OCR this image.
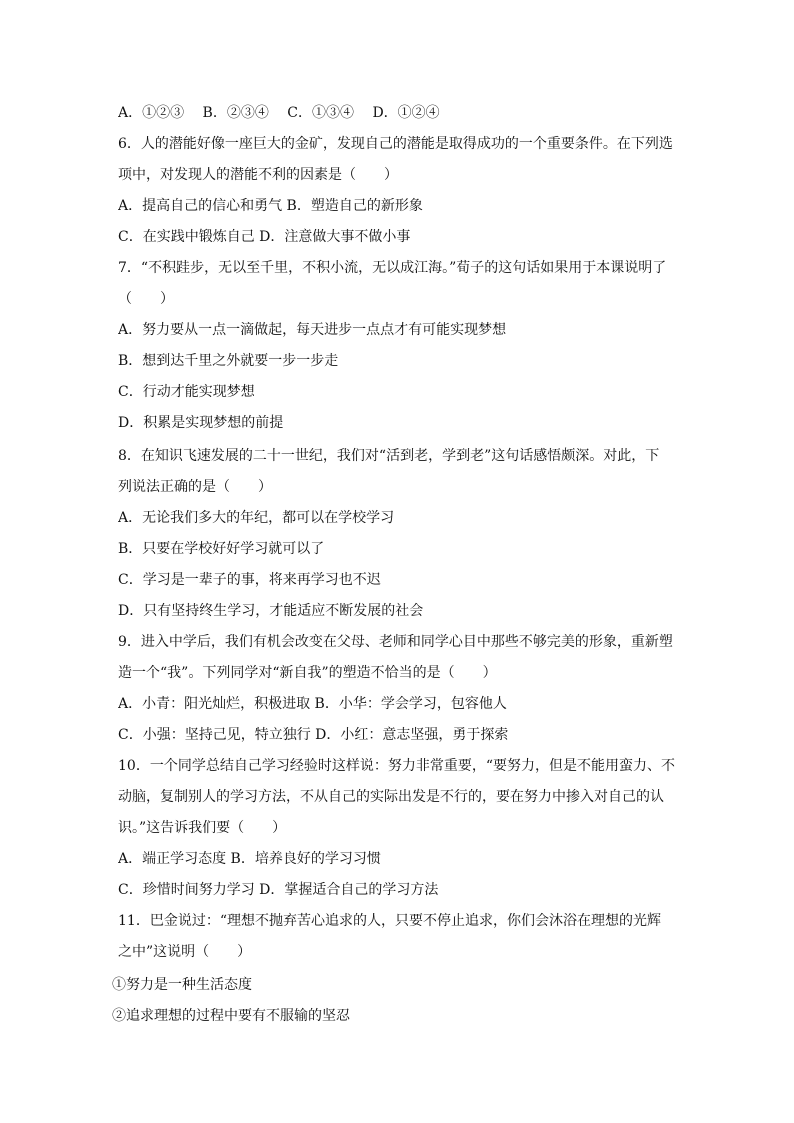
A．①②③　 B．②③④　 C．①③④　 D．①②④
6．人的潜能好像一座巨大的金矿，发现自己的潜能是取得成功的一个重要条件。在下列选
项中，对发现人的潜能不利的因素是（　　）
A．提高自己的信心和勇气 B．塑造自己的新形象
C．在实践中锻炼自己 D．注意做大事不做小事
7．“不积跬步，无以至千里，不积小流，无以成江海。”荀子的这句话如果用于本课说明了
（　　）
A．努力要从一点一滴做起，每天进步一点点才有可能实现梦想
B．想到达千里之外就要一步一步走
C．行动才能实现梦想
D．积累是实现梦想的前提
8．在知识飞速发展的二十一世纪，我们对“活到老，学到老”这句话感悟颇深。对此，下
列说法正确的是（　　）
A．无论我们多大的年纪，都可以在学校学习
B．只要在学校好好学习就可以了
C．学习是一辈子的事，将来再学习也不迟
D．只有坚持终生学习，才能适应不断发展的社会
9．进入中学后，我们有机会改变在父母、老师和同学心目中那些不够完美的形象，重新塑
造一个“我”。下列同学对“新自我”的塑造不恰当的是（　　）
A．小青：阳光灿烂，积极进取 B．小华：学会学习，包容他人
C．小强：坚持己见，特立独行 D．小红：意志坚强，勇于探索
10．一个同学总结自己学习经验时这样说：努力非常重要，“要努力，但是不能用蛮力、不
动脑，复制别人的学习方法，不从自己的实际出发是不行的，要在努力中掺入对自己的认
识。”这告诉我们要（　　）
A．端正学习态度 B．培养良好的学习习惯
C．珍惜时间努力学习 D．掌握适合自己的学习方法
11．巴金说过：“理想不抛弃苦心追求的人，只要不停止追求，你们会沐浴在理想的光辉
之中”这说明（　　）
①努力是一种生活态度
②追求理想的过程中要有不服输的坚忍
